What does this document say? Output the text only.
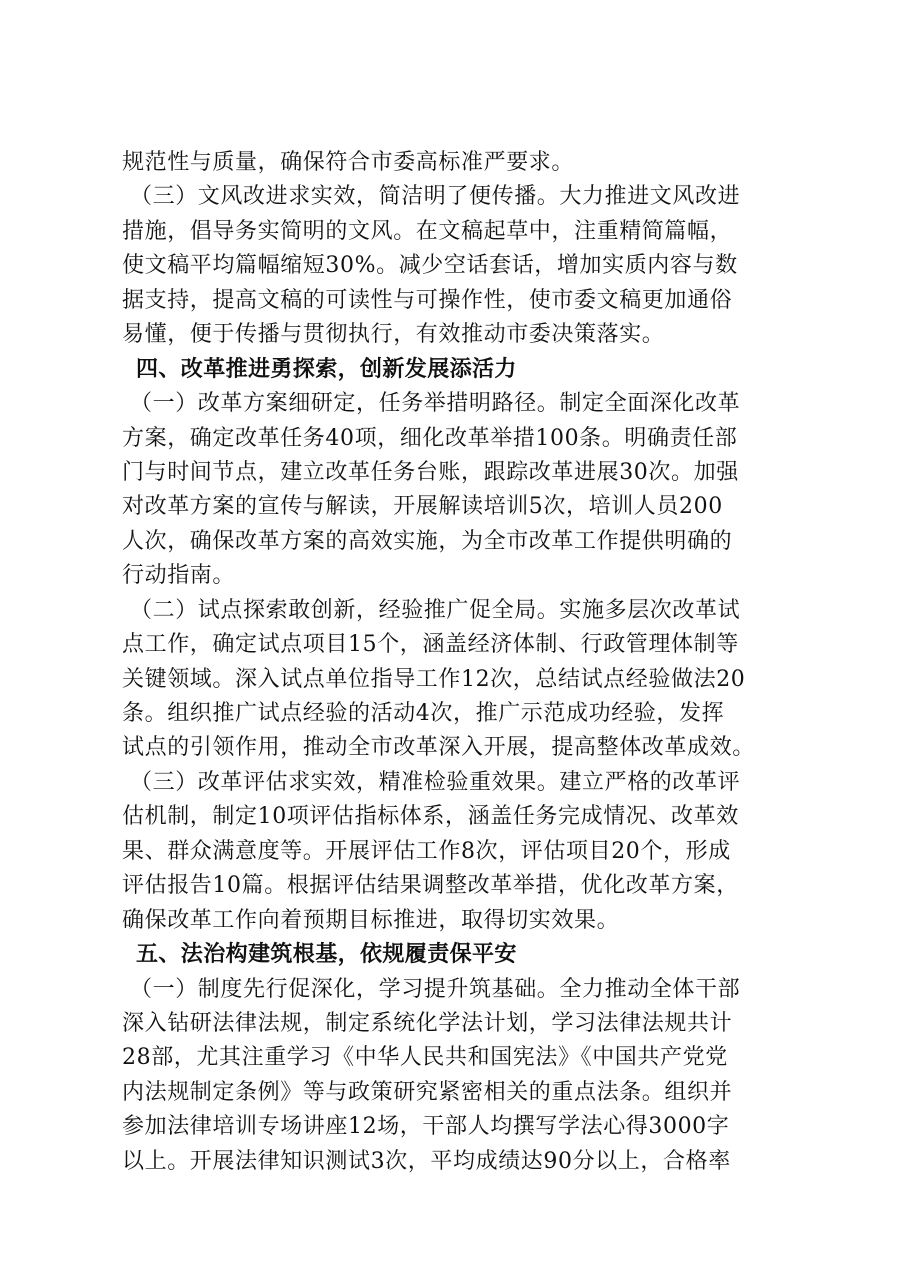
规范性与质量，确保符合市委高标准严要求。
（三）文风改进求实效，简洁明了便传播。大力推进文风改进
措施，倡导务实简明的文风。在文稿起草中，注重精简篇幅，
使文稿平均篇幅缩短30%。减少空话套话，增加实质内容与数
据支持，提高文稿的可读性与可操作性，使市委文稿更加通俗
易懂，便于传播与贯彻执行，有效推动市委决策落实。
四、改革推进勇探索，创新发展添活力
（一）改革方案细研定，任务举措明路径。制定全面深化改革
方案，确定改革任务40项，细化改革举措100条。明确责任部
门与时间节点，建立改革任务台账，跟踪改革进展30次。加强
对改革方案的宣传与解读，开展解读培训5次，培训人员200
人次，确保改革方案的高效实施，为全市改革工作提供明确的
行动指南。
（二）试点探索敢创新，经验推广促全局。实施多层次改革试
点工作，确定试点项目15个，涵盖经济体制、行政管理体制等
关键领域。深入试点单位指导工作12次，总结试点经验做法20
条。组织推广试点经验的活动4次，推广示范成功经验，发挥
试点的引领作用，推动全市改革深入开展，提高整体改革成效。
（三）改革评估求实效，精准检验重效果。建立严格的改革评
估机制，制定10项评估指标体系，涵盖任务完成情况、改革效
果、群众满意度等。开展评估工作8次，评估项目20个，形成
评估报告10篇。根据评估结果调整改革举措，优化改革方案，
确保改革工作向着预期目标推进，取得切实效果。
五、法治构建筑根基，依规履责保平安
（一）制度先行促深化，学习提升筑基础。全力推动全体干部
深入钻研法律法规，制定系统化学法计划，学习法律法规共计
28部，尤其注重学习《中华人民共和国宪法》《中国共产党党
内法规制定条例》等与政策研究紧密相关的重点法条。组织并
参加法律培训专场讲座12场，干部人均撰写学法心得3000字
以上。开展法律知识测试3次，平均成绩达90分以上，合格率
